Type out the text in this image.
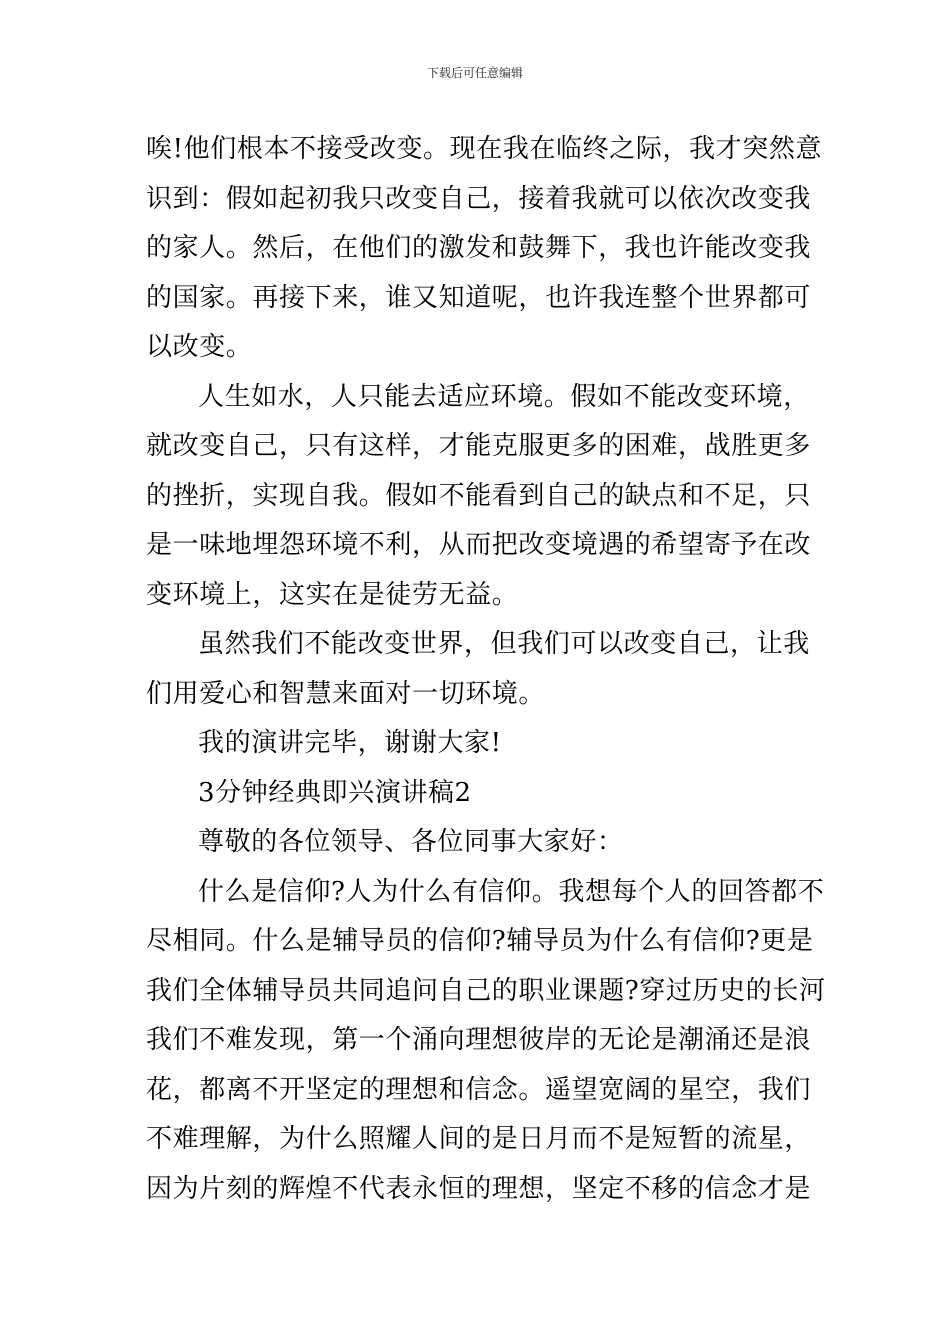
下载后可任意编辑
唉!他们根本不接受改变。现在我在临终之际，我才突然意
识到：假如起初我只改变自己，接着我就可以依次改变我
的家人。然后，在他们的激发和鼓舞下，我也许能改变我
的国家。再接下来，谁又知道呢，也许我连整个世界都可
以改变。
人生如水，人只能去适应环境。假如不能改变环境，
就改变自己，只有这样，才能克服更多的困难，战胜更多
的挫折，实现自我。假如不能看到自己的缺点和不足，只
是一味地埋怨环境不利，从而把改变境遇的希望寄予在改
变环境上，这实在是徒劳无益。
虽然我们不能改变世界，但我们可以改变自己，让我
们用爱心和智慧来面对一切环境。
我的演讲完毕，谢谢大家!
3分钟经典即兴演讲稿2
尊敬的各位领导、各位同事大家好：
什么是信仰?人为什么有信仰。我想每个人的回答都不
尽相同。什么是辅导员的信仰?辅导员为什么有信仰?更是
我们全体辅导员共同追问自己的职业课题?穿过历史的长河
我们不难发现，第一个涌向理想彼岸的无论是潮涌还是浪
花，都离不开坚定的理想和信念。遥望宽阔的星空，我们
不难理解，为什么照耀人间的是日月而不是短暂的流星，
因为片刻的辉煌不代表永恒的理想，坚定不移的信念才是
